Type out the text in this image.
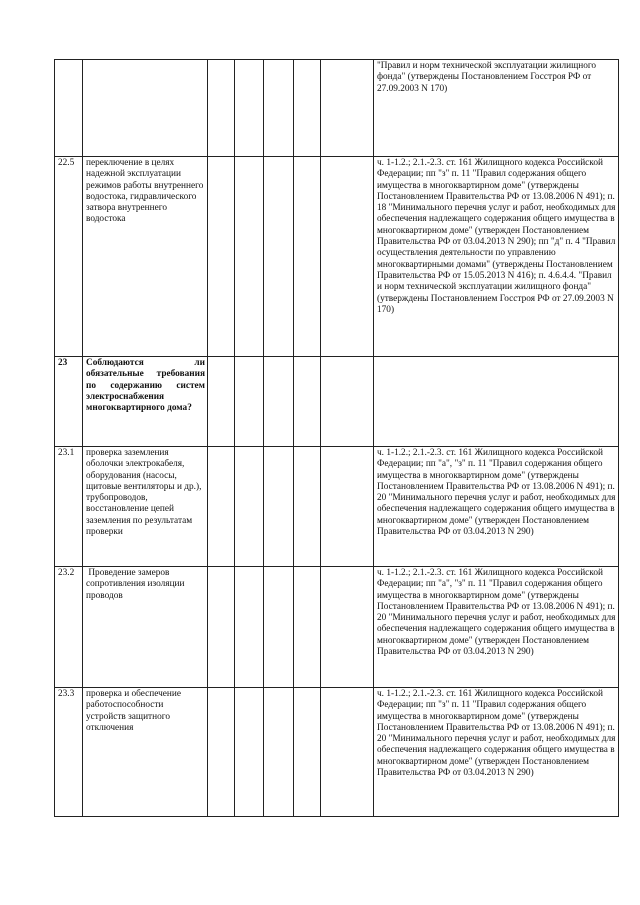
							"Правил и норм технической эксплуатации жилищного фонда" (утверждены Постановлением Госстроя РФ от 27.09.2003 N 170)
22.5	переключение в целях надежной эксплуатации режимов работы внутреннего водостока, гидравлического затвора внутреннего водостока						ч. 1-1.2.; 2.1.-2.3. ст. 161 Жилищного кодекса Российской Федерации; пп "з" п. 11 "Правил содержания общего имущества в многоквартирном доме" (утверждены Постановлением Правительства РФ от 13.08.2006 N 491); п. 18 "Минимального перечня услуг и работ, необходимых для обеспечения надлежащего содержания общего имущества в многоквартирном доме" (утвержден Постановлением Правительства РФ от 03.04.2013 N 290); пп "д" п. 4 "Правил осуществления деятельности по управлению многоквартирными домами" (утверждены Постановлением Правительства РФ от 15.05.2013 N 416); п. 4.6.4.4. "Правил и норм технической эксплуатации жилищного фонда" (утверждены Постановлением Госстроя РФ от 27.09.2003 N 170)
23	Соблюдаются ли обязательные требования по содержанию систем электроснабжения многоквартирного дома?						
23.1	проверка заземления оболочки электрокабеля, оборудования (насосы, щитовые вентиляторы и др.), трубопроводов, восстановление цепей заземления по результатам проверки						ч. 1-1.2.; 2.1.-2.3. ст. 161 Жилищного кодекса Российской Федерации; пп "а", "з" п. 11 "Правил содержания общего имущества в многоквартирном доме" (утверждены Постановлением Правительства РФ от 13.08.2006 N 491); п. 20 "Минимального перечня услуг и работ, необходимых для обеспечения надлежащего содержания общего имущества в многоквартирном доме" (утвержден Постановлением Правительства РФ от 03.04.2013 N 290)
23.2	Проведение замеров сопротивления изоляции проводов						ч. 1-1.2.; 2.1.-2.3. ст. 161 Жилищного кодекса Российской Федерации; пп "а", "з" п. 11 "Правил содержания общего имущества в многоквартирном доме" (утверждены Постановлением Правительства РФ от 13.08.2006 N 491); п. 20 "Минимального перечня услуг и работ, необходимых для обеспечения надлежащего содержания общего имущества в многоквартирном доме" (утвержден Постановлением Правительства РФ от 03.04.2013 N 290)
23.3	проверка и обеспечение работоспособности устройств защитного отключения						ч. 1-1.2.; 2.1.-2.3. ст. 161 Жилищного кодекса Российской Федерации; пп "з" п. 11 "Правил содержания общего имущества в многоквартирном доме" (утверждены Постановлением Правительства РФ от 13.08.2006 N 491); п. 20 "Минимального перечня услуг и работ, необходимых для обеспечения надлежащего содержания общего имущества в многоквартирном доме" (утвержден Постановлением Правительства РФ от 03.04.2013 N 290)
